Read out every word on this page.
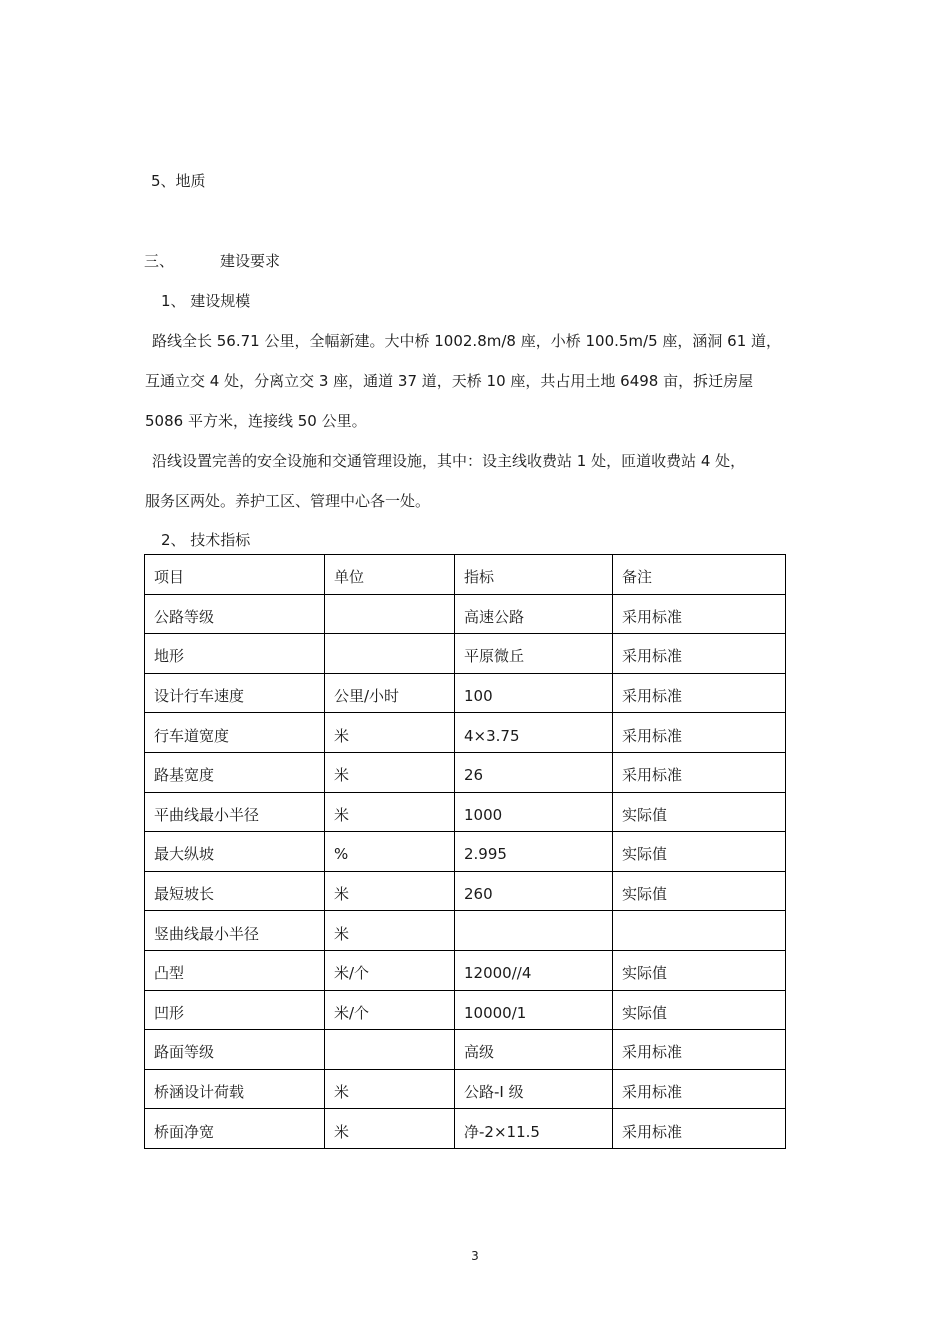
5、地质
三、	建设要求
1、 建设规模
路线全长 56.71 公里，全幅新建。大中桥 1002.8m/8 座，小桥 100.5m/5 座，涵洞 61 道，
互通立交 4 处，分离立交 3 座，通道 37 道，天桥 10 座，共占用土地 6498 亩，拆迁房屋
5086 平方米，连接线 50 公里。
沿线设置完善的安全设施和交通管理设施，其中：设主线收费站 1 处，匝道收费站 4 处，
服务区两处。养护工区、管理中心各一处。
2、 技术指标
项目	单位	指标	备注
公路等级		高速公路	采用标准
地形		平原微丘	采用标准
设计行车速度	公里/小时	100	采用标准
行车道宽度	米	4×3.75	采用标准
路基宽度	米	26	采用标准
平曲线最小半径	米	1000	实际值
最大纵坡	%	2.995	实际值
最短坡长	米	260	实际值
竖曲线最小半径	米		
凸型	米/个	12000//4	实际值
凹形	米/个	10000/1	实际值
路面等级		高级	采用标准
桥涵设计荷载	米	公路-I 级	采用标准
桥面净宽	米	净-2×11.5	采用标准
3
